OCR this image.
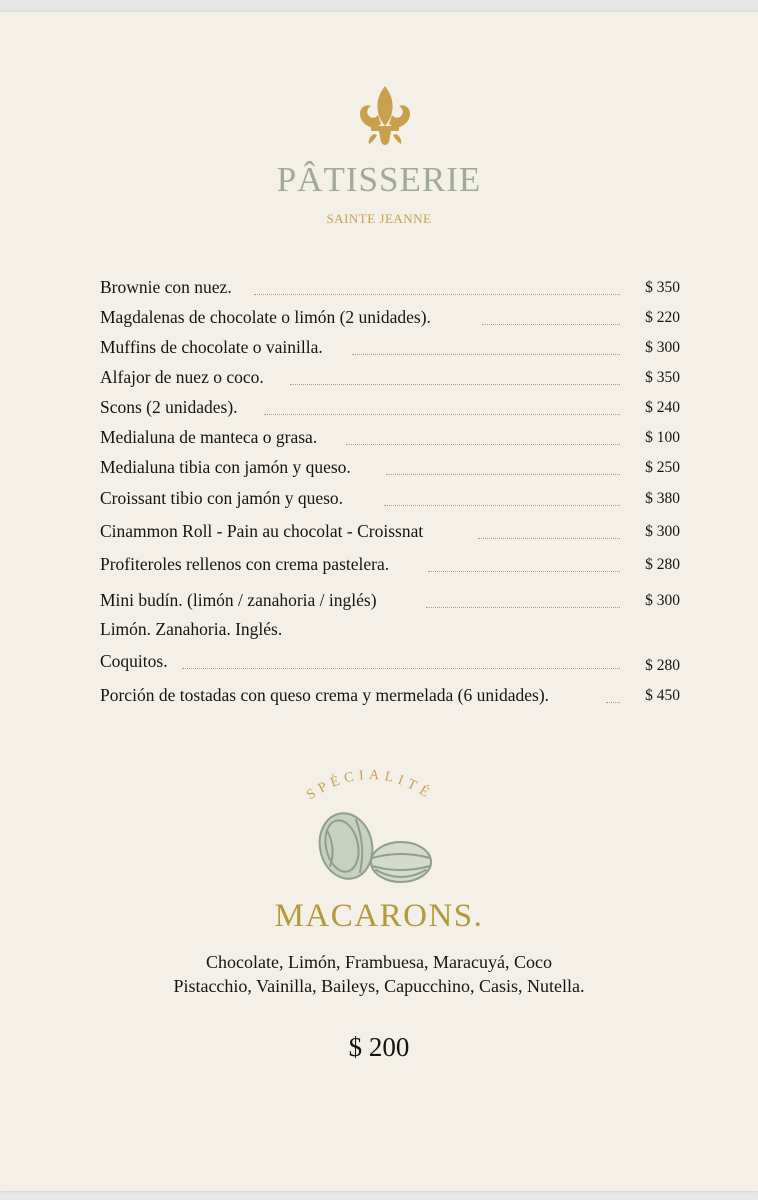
PÂTISSERIE
SAINTE JEANNE
Brownie con nuez.	$ 350
Magdalenas de chocolate o limón (2 unidades).	$ 220
Muffins de chocolate o vainilla.	$ 300
Alfajor de nuez o coco.	$ 350
Scons (2 unidades).	$ 240
Medialuna de manteca o grasa.	$ 100
Medialuna tibia con jamón y queso.	$ 250
Croissant tibio con jamón y queso.	$ 380
Cinammon Roll - Pain au chocolat - Croissnat	$ 300
Profiteroles rellenos con crema pastelera.	$ 280
Mini budín. (limón / zanahoria / inglés)	$ 300
Limón. Zanahoria. Inglés.
Coquitos.	$ 280
Porción de tostadas con queso crema y mermelada (6 unidades).	$ 450
SPÉCIALITÉ
MACARONS.
Chocolate, Limón, Frambuesa, Maracuyá, Coco
Pistacchio, Vainilla, Baileys, Capucchino, Casis, Nutella.
$ 200
